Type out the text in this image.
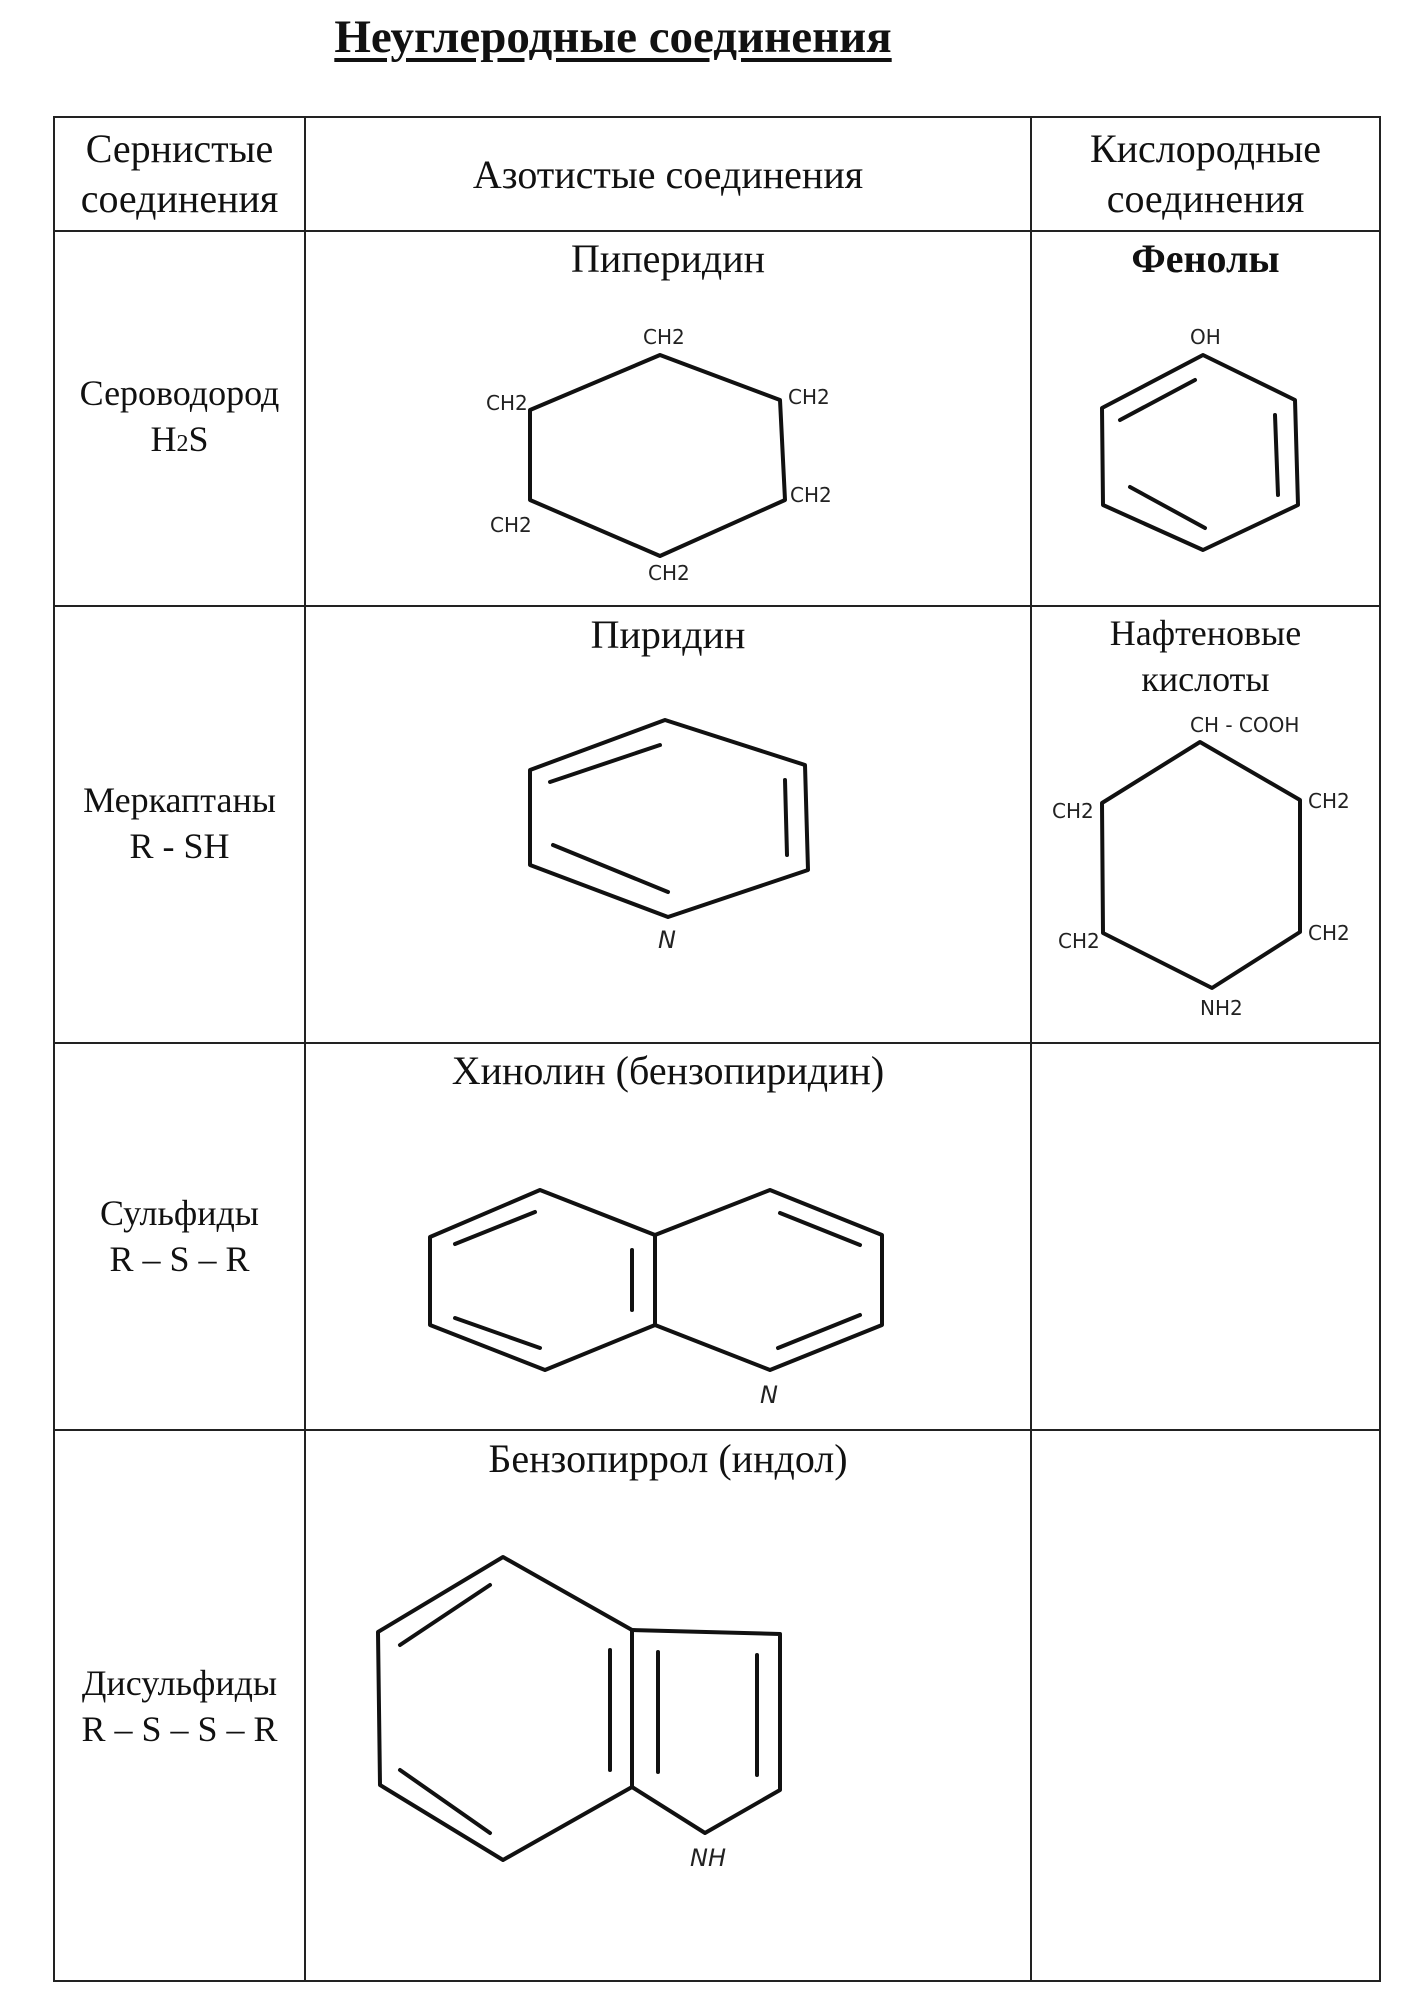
Неуглеродные соединения
Сернистые
соединения
Азотистые соединения
Кислородные
соединения
Сероводород
H2S
Меркаптаны
R - SH
Сульфиды
R – S – R
Дисульфиды
R – S – S – R
Пиперидин
Пиридин
Хинолин (бензопиридин)
Бензопиррол (индол)
Фенолы
Нафтеновые
кислоты
CH2
CH2
CH2
CH2
CH2
CH2
OH
N
CH - COOH
CH2	CH2
CH2	CH2
NH2
N
NH
